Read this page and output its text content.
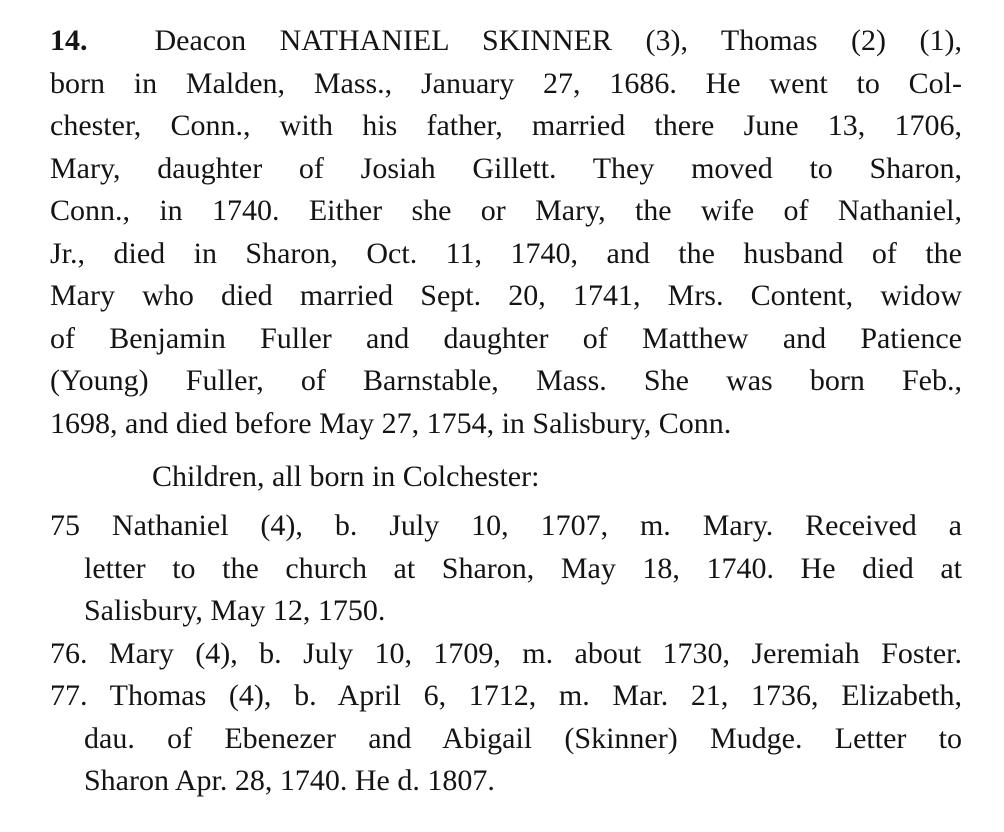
14. Deacon NATHANIEL SKINNER (3), Thomas (2) (1),
born in Malden, Mass., January 27, 1686. He went to Col-
chester, Conn., with his father, married there June 13, 1706,
Mary, daughter of Josiah Gillett. They moved to Sharon,
Conn., in 1740. Either she or Mary, the wife of Nathaniel,
Jr., died in Sharon, Oct. 11, 1740, and the husband of the
Mary who died married Sept. 20, 1741, Mrs. Content, widow
of Benjamin Fuller and daughter of Matthew and Patience
(Young) Fuller, of Barnstable, Mass. She was born Feb.,
1698, and died before May 27, 1754, in Salisbury, Conn.
Children, all born in Colchester:
75 Nathaniel (4), b. July 10, 1707, m. Mary. Received a
letter to the church at Sharon, May 18, 1740. He died at
Salisbury, May 12, 1750.
76. Mary (4), b. July 10, 1709, m. about 1730, Jeremiah Foster.
77. Thomas (4), b. April 6, 1712, m. Mar. 21, 1736, Elizabeth,
dau. of Ebenezer and Abigail (Skinner) Mudge. Letter to
Sharon Apr. 28, 1740. He d. 1807.
